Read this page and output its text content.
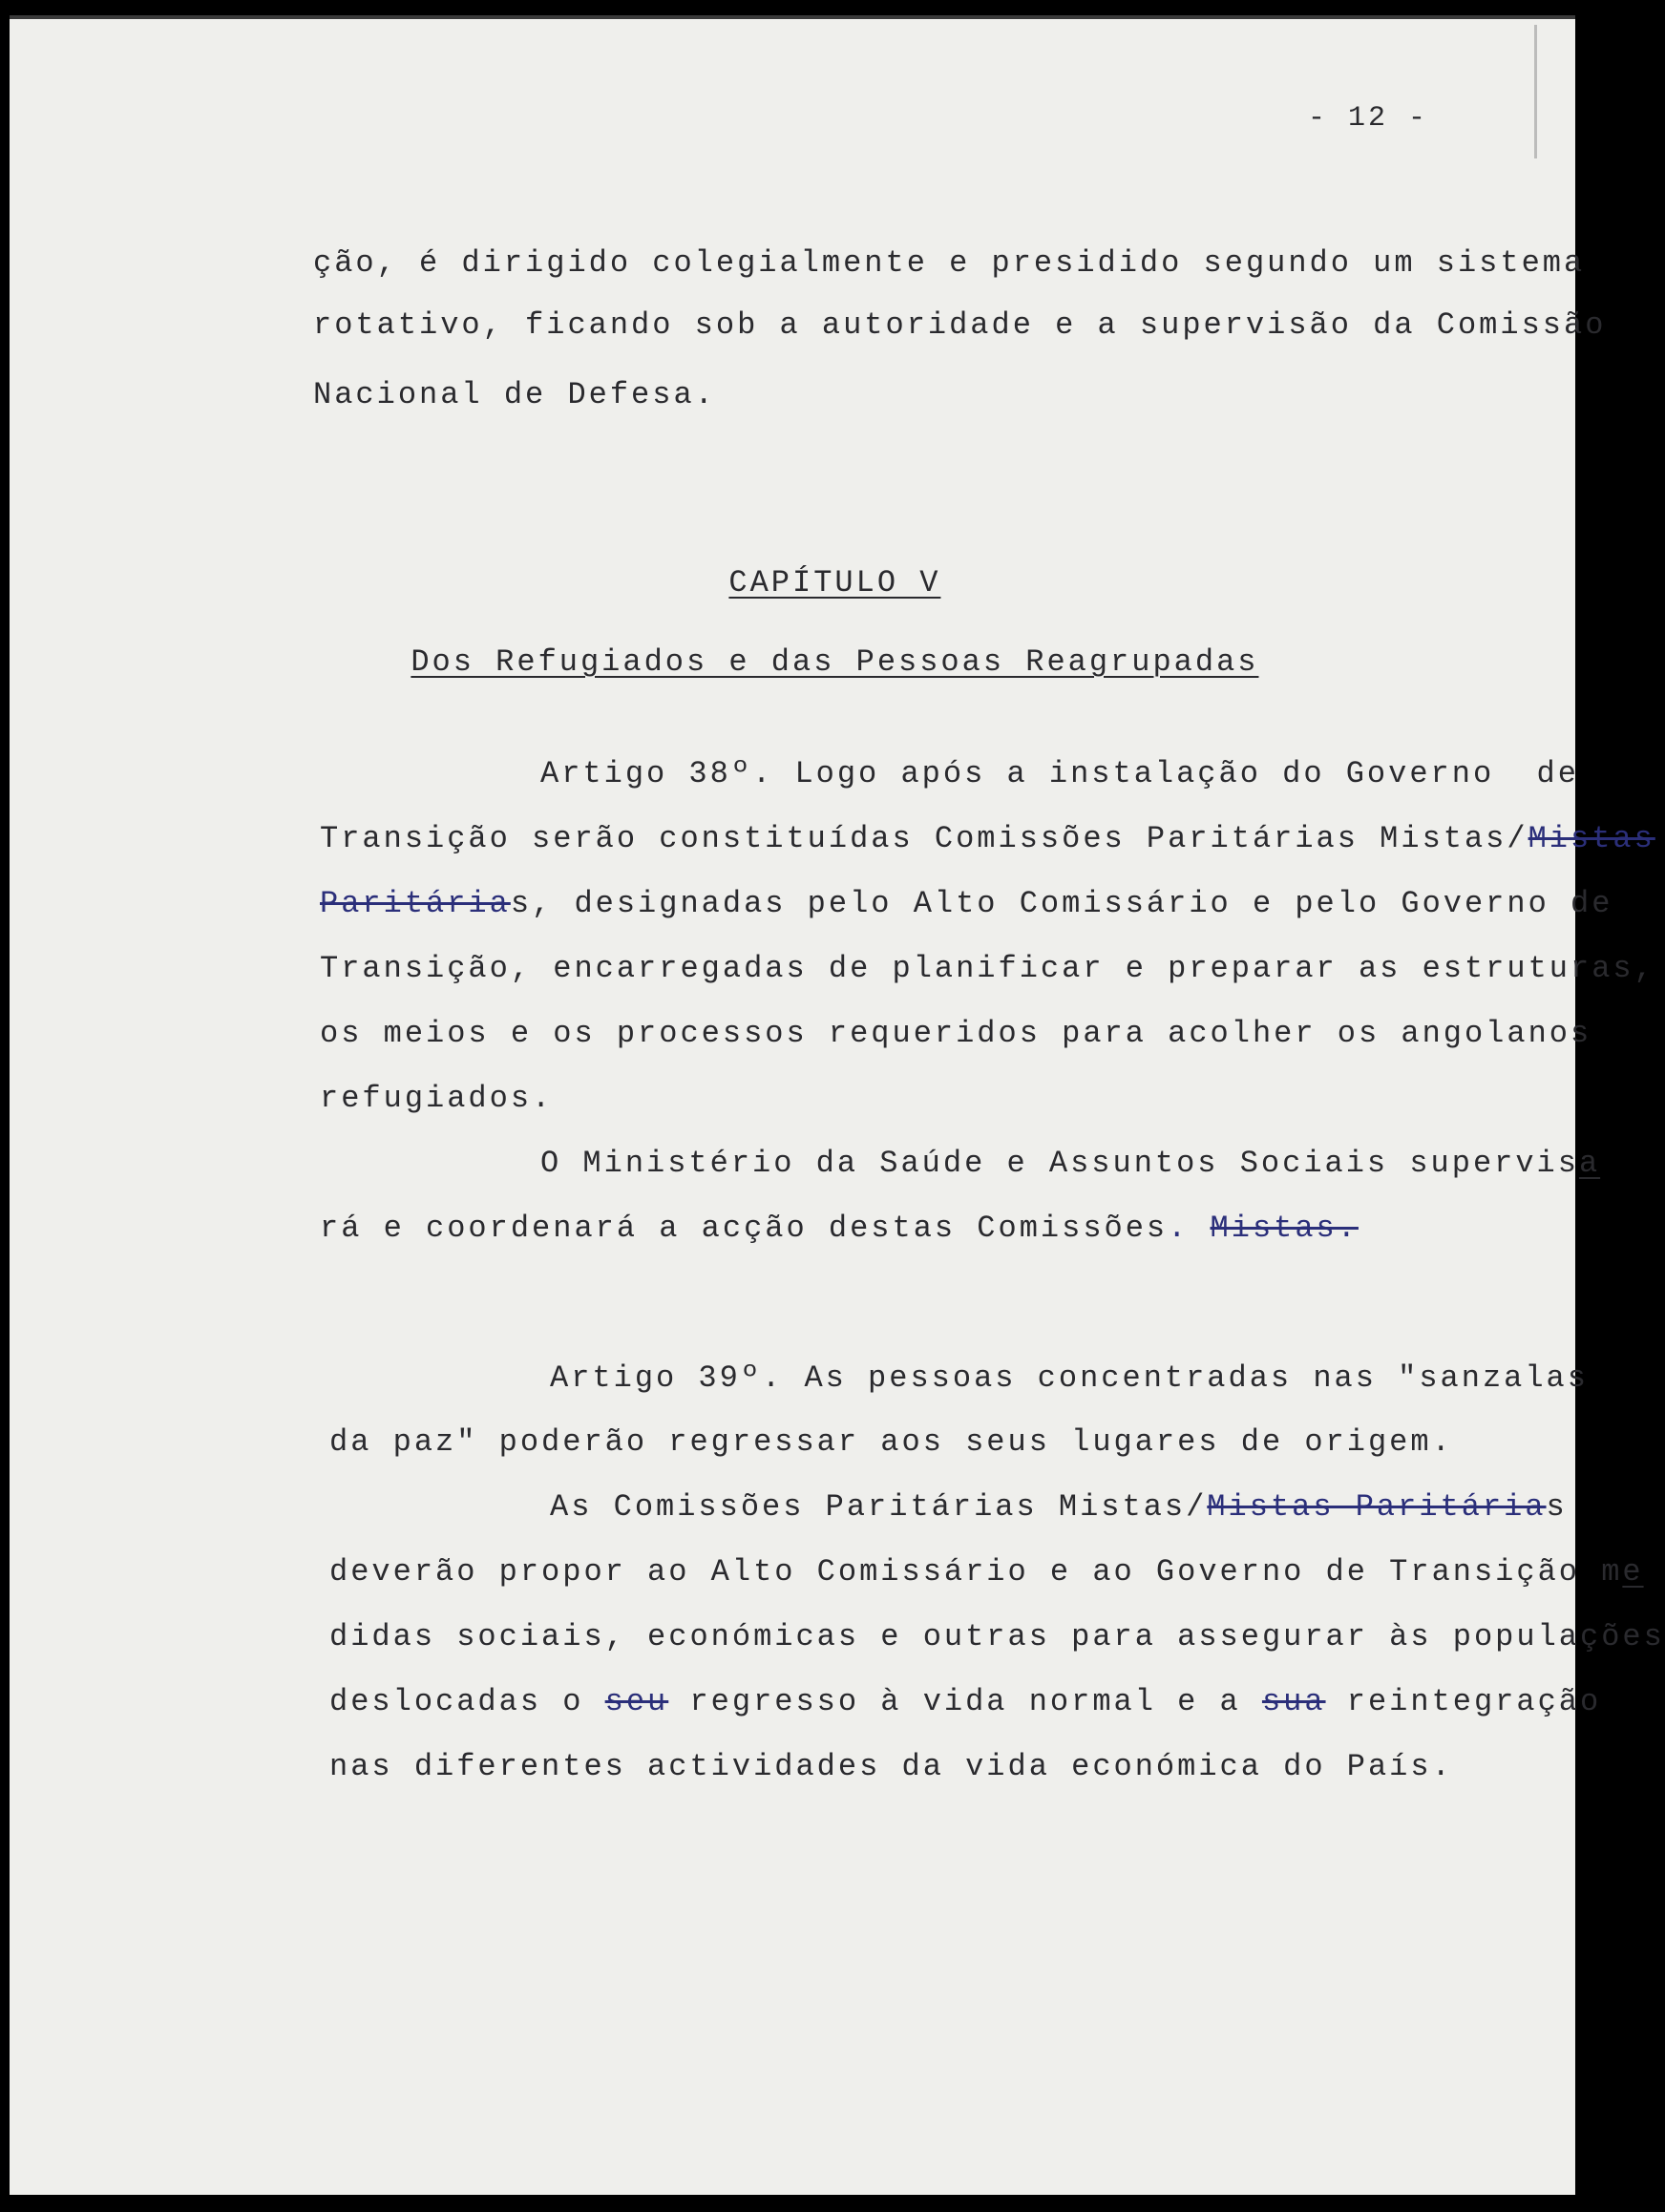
- 12 -
ção, é dirigido colegialmente e presidido segundo um sistema
rotativo, ficando sob a autoridade e a supervisão da Comissão
Nacional de Defesa.

CAPÍTULO V

Dos Refugiados e das Pessoas Reagrupadas

Artigo 38º. Logo após a instalação do Governo  de
Transição serão constituídas Comissões Paritárias Mistas/Mistas
Paritárias, designadas pelo Alto Comissário e pelo Governo de
Transição, encarregadas de planificar e preparar as estruturas,
os meios e os processos requeridos para acolher os angolanos
refugiados.
O Ministério da Saúde e Assuntos Sociais supervisa
rá e coordenará a acção destas Comissões. Mistas.
Artigo 39º. As pessoas concentradas nas "sanzalas
da paz" poderão regressar aos seus lugares de origem.
As Comissões Paritárias Mistas/Mistas Paritárias
deverão propor ao Alto Comissário e ao Governo de Transição me
didas sociais, económicas e outras para assegurar às populações
deslocadas o seu regresso à vida normal e a sua reintegração
nas diferentes actividades da vida económica do País.
